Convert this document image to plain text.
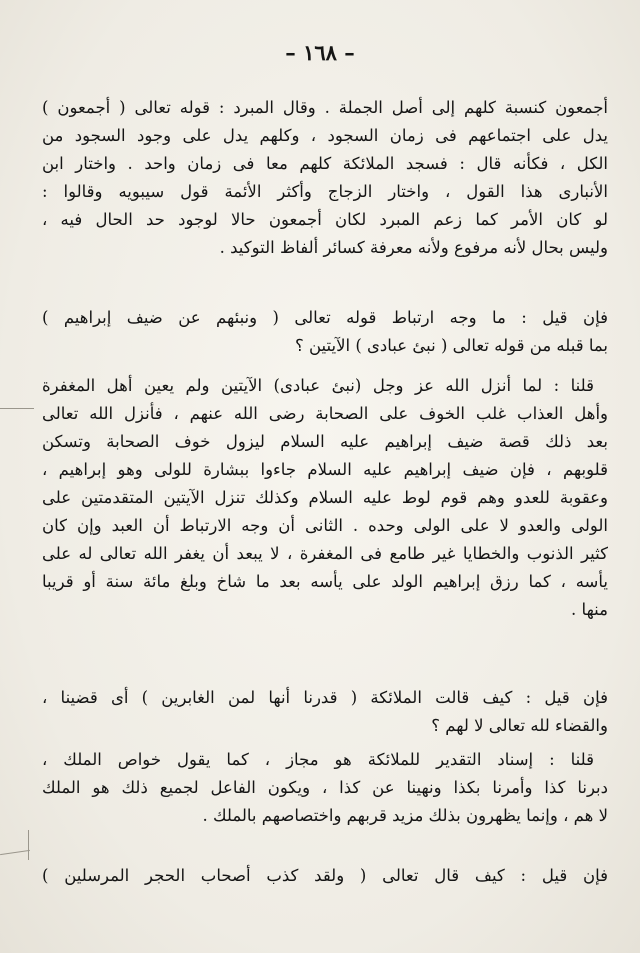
– ١٦٨ –
أجمعون كنسبة كلهم إلى أصل الجملة . وقال المبرد : قوله تعالى ( أجمعون )
يدل على اجتماعهم فى زمان السجود ، وكلهم يدل على وجود السجود من
الكل ، فكأنه قال : فسجد الملائكة كلهم معا فى زمان واحد . واختار ابن
الأنبارى هذا القول ، واختار الزجاج وأكثر الأئمة قول سيبويه وقالوا :
لو كان الأمر كما زعم المبرد لكان أجمعون حالا لوجود حد الحال فيه ،
وليس بحال لأنه مرفوع ولأنه معرفة كسائر ألفاظ التوكيد .
فإن قيل : ما وجه ارتباط قوله تعالى ( ونبئهم عن ضيف إبراهيم )
بما قبله من قوله تعالى ( نبئ عبادى ) الآيتين ؟
قلنا : لما أنزل الله عز وجل (نبئ عبادى) الآيتين ولم يعين أهل المغفرة
وأهل العذاب غلب الخوف على الصحابة رضى الله عنهم ، فأنزل الله تعالى
بعد ذلك قصة ضيف إبراهيم عليه السلام ليزول خوف الصحابة وتسكن
قلوبهم ، فإن ضيف إبراهيم عليه السلام جاءوا ببشارة للولى وهو إبراهيم ،
وعقوبة للعدو وهم قوم لوط عليه السلام وكذلك تنزل الآيتين المتقدمتين على
الولى والعدو لا على الولى وحده . الثانى أن وجه الارتباط أن العبد وإن كان
كثير الذنوب والخطايا غير طامع فى المغفرة ، لا يبعد أن يغفر الله تعالى له على
يأسه ، كما رزق إبراهيم الولد على يأسه بعد ما شاخ وبلغ مائة سنة أو قريبا
منها .
فإن قيل : كيف قالت الملائكة ( قدرنا أنها لمن الغابرين ) أى قضينا ،
والقضاء لله تعالى لا لهم ؟
قلنا : إسناد التقدير للملائكة هو مجاز ، كما يقول خواص الملك ،
دبرنا كذا وأمرنا بكذا ونهينا عن كذا ، ويكون الفاعل لجميع ذلك هو الملك
لا هم ، وإنما يظهرون بذلك مزيد قربهم واختصاصهم بالملك .
فإن قيل : كيف قال تعالى ( ولقد كذب أصحاب الحجر المرسلين )
